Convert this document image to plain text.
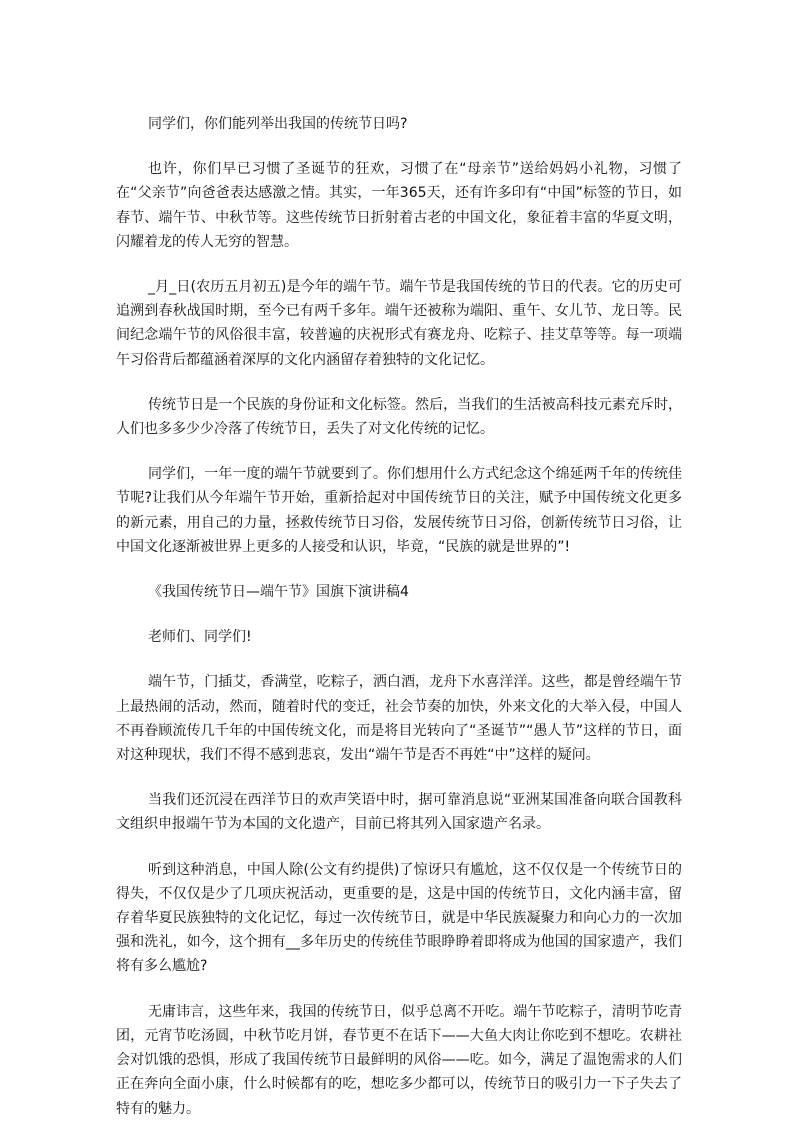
同学们，你们能列举出我国的传统节日吗?

也许，你们早已习惯了圣诞节的狂欢，习惯了在“母亲节”送给妈妈小礼物，习惯了在“父亲节”向爸爸表达感激之情。其实，一年365天，还有许多印有“中国”标签的节日，如春节、端午节、中秋节等。这些传统节日折射着古老的中国文化，象征着丰富的华夏文明，闪耀着龙的传人无穷的智慧。

_月_日(农历五月初五)是今年的端午节。端午节是我国传统的节日的代表。它的历史可追溯到春秋战国时期，至今已有两千多年。端午还被称为端阳、重午、女儿节、龙日等。民间纪念端午节的风俗很丰富，较普遍的庆祝形式有赛龙舟、吃粽子、挂艾草等等。每一项端午习俗背后都蕴涵着深厚的文化内涵留存着独特的文化记忆。

传统节日是一个民族的身份证和文化标签。然后，当我们的生活被高科技元素充斥时，人们也多多少少冷落了传统节日，丢失了对文化传统的记忆。

同学们，一年一度的端午节就要到了。你们想用什么方式纪念这个绵延两千年的传统佳节呢?让我们从今年端午节开始，重新拾起对中国传统节日的关注，赋予中国传统文化更多的新元素，用自己的力量，拯救传统节日习俗，发展传统节日习俗，创新传统节日习俗，让中国文化逐渐被世界上更多的人接受和认识，毕竟，“民族的就是世界的”!

《我国传统节日—端午节》国旗下演讲稿4

老师们、同学们!

端午节，门插艾，香满堂，吃粽子，洒白酒，龙舟下水喜洋洋。这些，都是曾经端午节上最热闹的活动，然而，随着时代的变迁，社会节奏的加快，外来文化的大举入侵，中国人不再眷顾流传几千年的中国传统文化，而是将目光转向了“圣诞节”“愚人节”这样的节日，面对这种现状，我们不得不感到悲哀，发出“端午节是否不再姓“中”这样的疑问。

当我们还沉浸在西洋节日的欢声笑语中时，据可靠消息说“亚洲某国准备向联合国教科文组织申报端午节为本国的文化遗产，目前已将其列入国家遗产名录。

听到这种消息，中国人除(公文有约提供)了惊讶只有尴尬，这不仅仅是一个传统节日的得失，不仅仅是少了几项庆祝活动，更重要的是，这是中国的传统节日，文化内涵丰富，留存着华夏民族独特的文化记忆，每过一次传统节日，就是中华民族凝聚力和向心力的一次加强和洗礼，如今，这个拥有__多年历史的传统佳节眼睁睁着即将成为他国的国家遗产，我们将有多么尴尬?

无庸讳言，这些年来，我国的传统节日，似乎总离不开吃。端午节吃粽子，清明节吃青团，元宵节吃汤圆，中秋节吃月饼，春节更不在话下——大鱼大肉让你吃到不想吃。农耕社会对饥饿的恐惧，形成了我国传统节日最鲜明的风俗——吃。如今，满足了温饱需求的人们正在奔向全面小康，什么时候都有的吃，想吃多少都可以，传统节日的吸引力一下子失去了特有的魅力。
